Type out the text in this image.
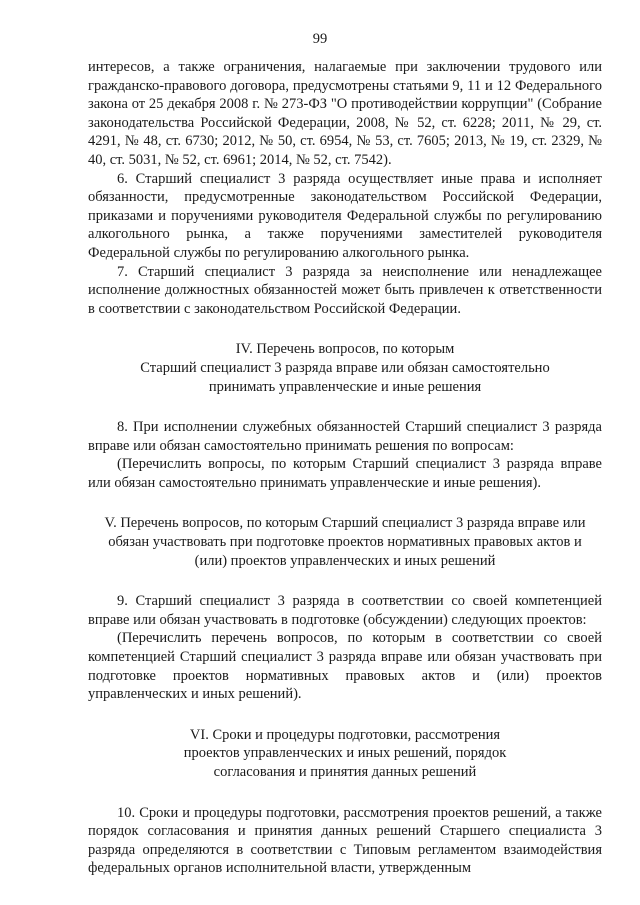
99

интересов, а также ограничения, налагаемые при заключении трудового или гражданско-правового договора, предусмотрены статьями 9, 11 и 12 Федерального закона от 25 декабря 2008 г. № 273-ФЗ "О противодействии коррупции" (Собрание законодательства Российской Федерации, 2008, № 52, ст. 6228; 2011, № 29, ст. 4291, № 48, ст. 6730; 2012, № 50, ст. 6954, № 53, ст. 7605; 2013, № 19, ст. 2329, № 40, ст. 5031, № 52, ст. 6961; 2014, № 52, ст. 7542).

6. Старший специалист 3 разряда осуществляет иные права и исполняет обязанности, предусмотренные законодательством Российской Федерации, приказами и поручениями руководителя Федеральной службы по регулированию алкогольного рынка, а также поручениями заместителей руководителя Федеральной службы по регулированию алкогольного рынка.

7. Старший специалист 3 разряда за неисполнение или ненадлежащее исполнение должностных обязанностей может быть привлечен к ответственности в соответствии с законодательством Российской Федерации.

IV. Перечень вопросов, по которым
Старший специалист 3 разряда вправе или обязан самостоятельно
принимать управленческие и иные решения

8. При исполнении служебных обязанностей Старший специалист 3 разряда вправе или обязан самостоятельно принимать решения по вопросам:

(Перечислить вопросы, по которым Старший специалист 3 разряда вправе или обязан самостоятельно принимать управленческие и иные решения).

V. Перечень вопросов, по которым Старший специалист 3 разряда вправе или
обязан участвовать при подготовке проектов нормативных правовых актов и
(или) проектов управленческих и иных решений

9. Старший специалист 3 разряда в соответствии со своей компетенцией вправе или обязан участвовать в подготовке (обсуждении) следующих проектов:

(Перечислить перечень вопросов, по которым в соответствии со своей компетенцией Старший специалист 3 разряда вправе или обязан участвовать при подготовке проектов нормативных правовых актов и (или) проектов управленческих и иных решений).

VI. Сроки и процедуры подготовки, рассмотрения
проектов управленческих и иных решений, порядок
согласования и принятия данных решений

10. Сроки и процедуры подготовки, рассмотрения проектов решений, а также порядок согласования и принятия данных решений Старшего специалиста 3 разряда определяются в соответствии с Типовым регламентом взаимодействия федеральных органов исполнительной власти, утвержденным
